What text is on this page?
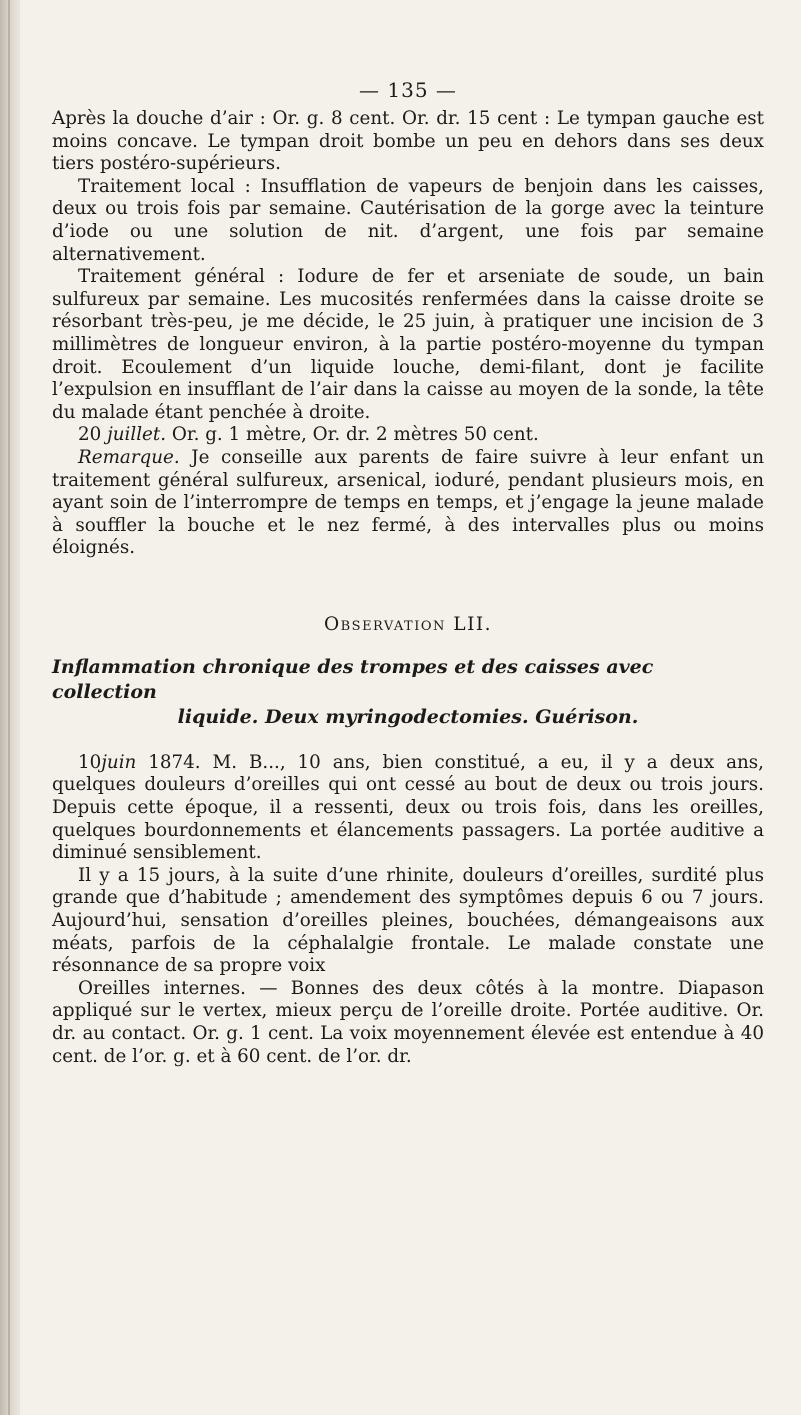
— 135 —

Après la douche d’air : Or. g. 8 cent. Or. dr. 15 cent : Le tympan gauche est moins concave. Le tympan droit bombe un peu en dehors dans ses deux tiers postéro-supérieurs.

Traitement local : Insufflation de vapeurs de benjoin dans les caisses, deux ou trois fois par semaine. Cautérisation de la gorge avec la teinture d’iode ou une solution de nit. d’argent, une fois par semaine alternativement.

Traitement général : Iodure de fer et arseniate de soude, un bain sulfureux par semaine. Les mucosités renfermées dans la caisse droite se résorbant très-peu, je me décide, le 25 juin, à pratiquer une incision de 3 millimètres de longueur environ, à la partie postéro-moyenne du tympan droit. Ecoulement d’un liquide louche, demi-filant, dont je facilite l’expulsion en insufflant de l’air dans la caisse au moyen de la sonde, la tête du malade étant penchée à droite.

20 juillet. Or. g. 1 mètre, Or. dr. 2 mètres 50 cent.

Remarque. Je conseille aux parents de faire suivre à leur enfant un traitement général sulfureux, arsenical, ioduré, pendant plusieurs mois, en ayant soin de l’interrompre de temps en temps, et j’engage la jeune malade à souffler la bouche et le nez fermé, à des intervalles plus ou moins éloignés.

Observation LII.
Inflammation chronique des trompes et des caisses avec collection
liquide. Deux myringodectomies. Guérison.

10juin 1874. M. B..., 10 ans, bien constitué, a eu, il y a deux ans, quelques douleurs d’oreilles qui ont cessé au bout de deux ou trois jours. Depuis cette époque, il a ressenti, deux ou trois fois, dans les oreilles, quelques bourdonnements et élancements passagers. La portée auditive a diminué sensiblement.

Il y a 15 jours, à la suite d’une rhinite, douleurs d’oreilles, surdité plus grande que d’habitude ; amendement des symptômes depuis 6 ou 7 jours. Aujourd’hui, sensation d’oreilles pleines, bouchées, démangeaisons aux méats, parfois de la céphalalgie frontale. Le malade constate une résonnance de sa propre voix

Oreilles internes. — Bonnes des deux côtés à la montre. Diapason appliqué sur le vertex, mieux perçu de l’oreille droite. Portée auditive. Or. dr. au contact. Or. g. 1 cent. La voix moyennement élevée est entendue à 40 cent. de l’or. g. et à 60 cent. de l’or. dr.
